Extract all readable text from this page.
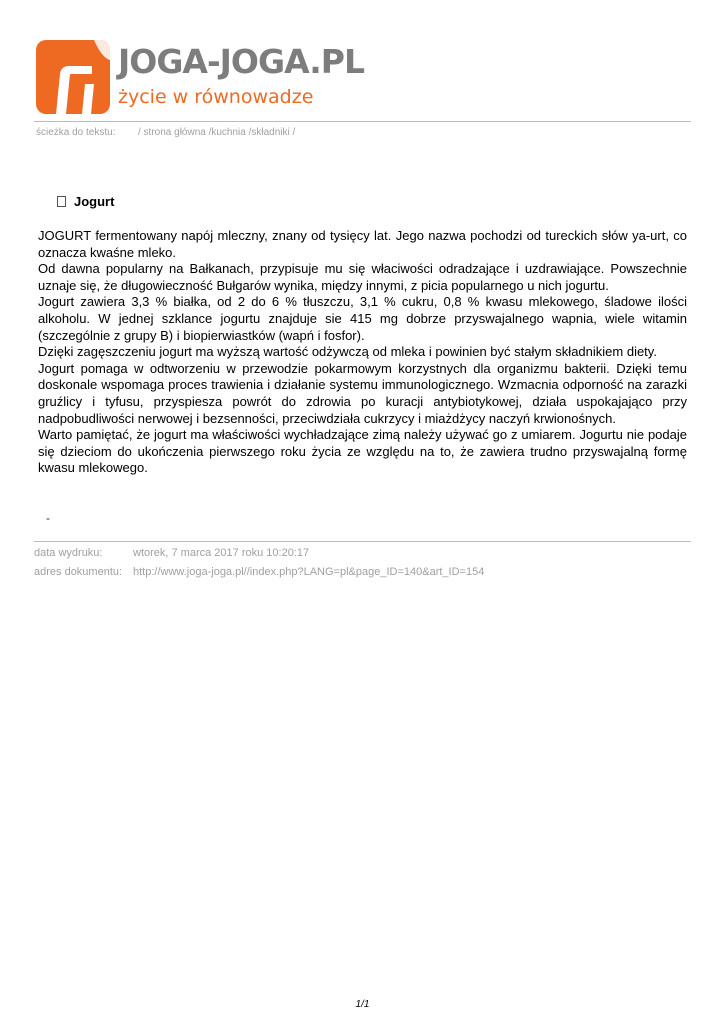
JOGA-JOGA.PL
życie w równowadze
ścieżka do tekstu: / strona główna /kuchnia /składniki /
Jogurt

JOGURT fermentowany napój mleczny, znany od tysięcy lat. Jego nazwa pochodzi od tureckich słów ya-urt, co oznacza kwaśne mleko.

Od dawna popularny na Bałkanach, przypisuje mu się właciwości odradzające i uzdrawiające. Powszechnie uznaje się, że długowieczność Bułgarów wynika, między innymi, z picia popularnego u nich jogurtu.

Jogurt zawiera 3,3 % białka, od 2 do 6 % tłuszczu, 3,1 % cukru, 0,8 % kwasu mlekowego, śladowe ilości alkoholu. W jednej szklance jogurtu znajduje sie 415 mg dobrze przyswajalnego wapnia, wiele witamin (szczególnie z grupy B) i biopierwiastków (wapń i fosfor).

Dzięki zagęszczeniu jogurt ma wyższą wartość odżywczą od mleka i powinien być stałym składnikiem diety.

Jogurt pomaga w odtworzeniu w przewodzie pokarmowym korzystnych dla organizmu bakterii. Dzięki temu doskonale wspomaga proces trawienia i działanie systemu immunologicznego. Wzmacnia odporność na zarazki gruźlicy i tyfusu, przyspiesza powrót do zdrowia po kuracji antybiotykowej, działa uspokajająco przy nadpobudliwości nerwowej i bezsenności, przeciwdziała cukrzycy i miażdżycy naczyń krwionośnych.

Warto pamiętać, że jogurt ma właściwości wychładzające zimą należy używać go z umiarem. Jogurtu nie podaje się dzieciom do ukończenia pierwszego roku życia ze względu na to, że zawiera trudno przyswajalną formę kwasu mlekowego.

-
data wydruku:	wtorek, 7 marca 2017 roku 10:20:17
adres dokumentu: http://www.joga-joga.pl//index.php?LANG=pl&page_ID=140&art_ID=154
1/1
